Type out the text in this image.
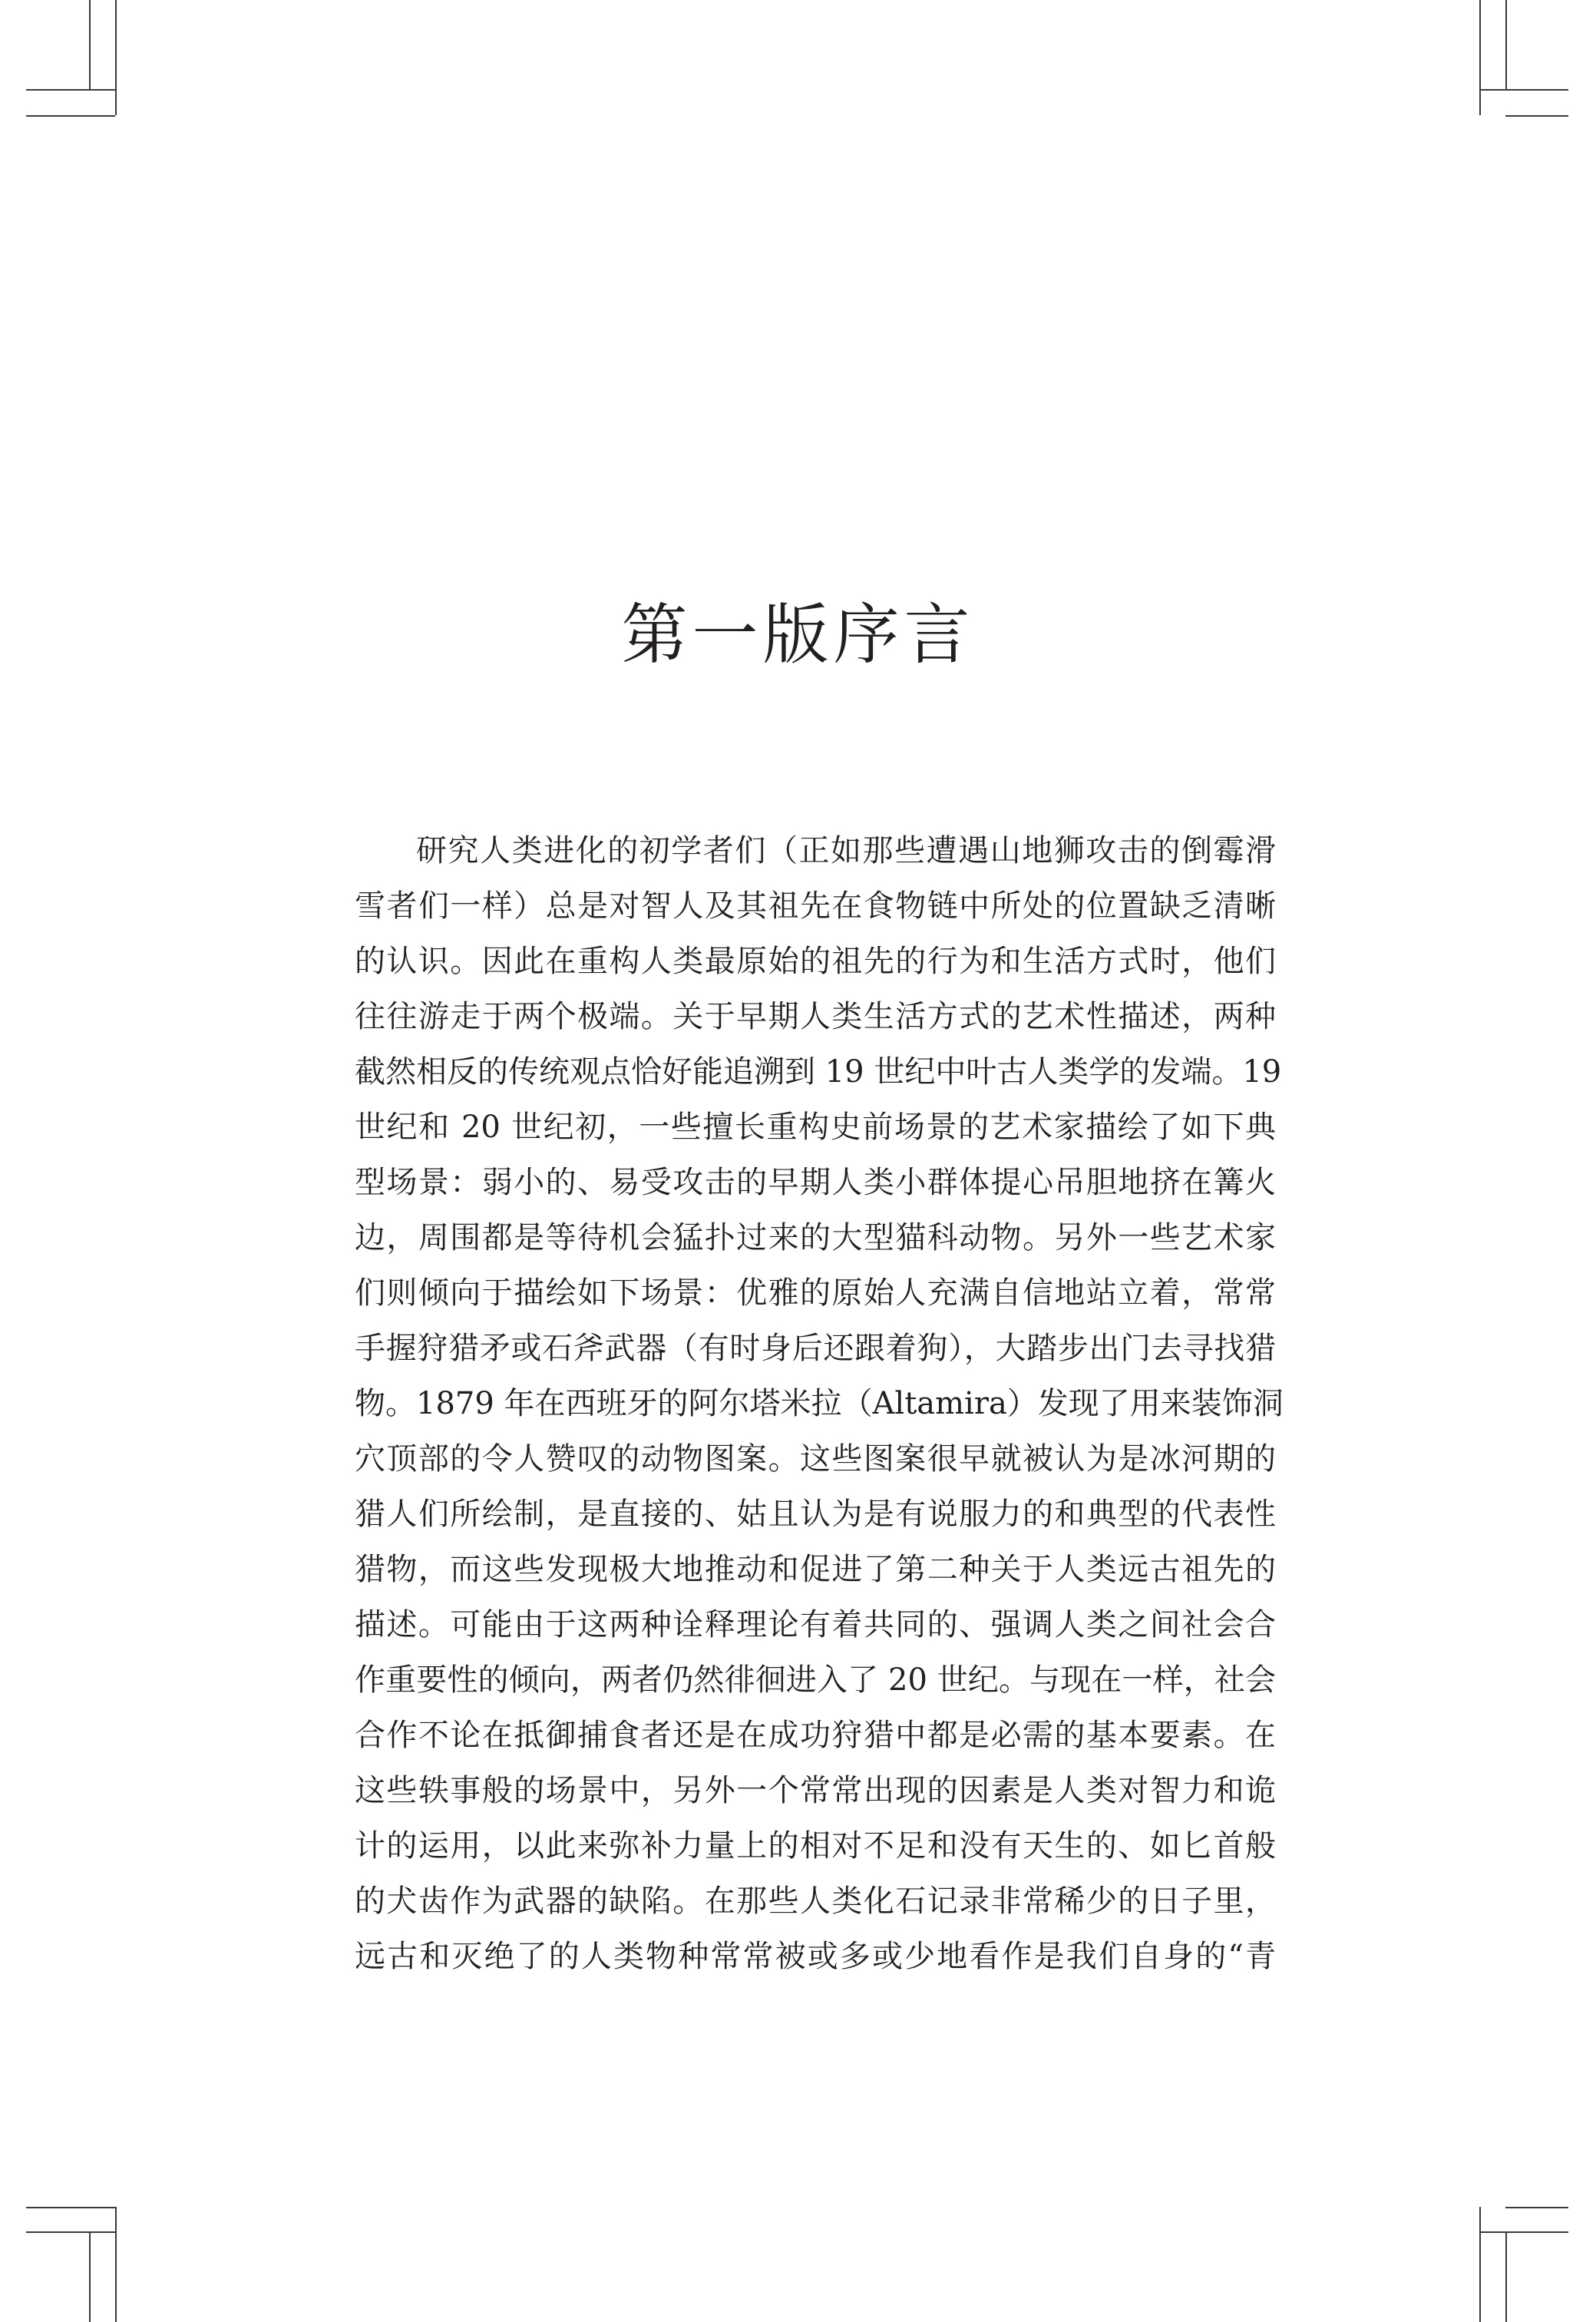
第一版序言
研究人类进化的初学者们（正如那些遭遇山地狮攻击的倒霉滑
雪者们一样）总是对智人及其祖先在食物链中所处的位置缺乏清晰
的认识。因此在重构人类最原始的祖先的行为和生活方式时，他们
往往游走于两个极端。关于早期人类生活方式的艺术性描述，两种
截然相反的传统观点恰好能追溯到 19 世纪中叶古人类学的发端。19
世纪和 20 世纪初，一些擅长重构史前场景的艺术家描绘了如下典
型场景：弱小的、易受攻击的早期人类小群体提心吊胆地挤在篝火
边，周围都是等待机会猛扑过来的大型猫科动物。另外一些艺术家
们则倾向于描绘如下场景：优雅的原始人充满自信地站立着，常常
手握狩猎矛或石斧武器（有时身后还跟着狗），大踏步出门去寻找猎
物。1879 年在西班牙的阿尔塔米拉（Altamira）发现了用来装饰洞
穴顶部的令人赞叹的动物图案。这些图案很早就被认为是冰河期的
猎人们所绘制，是直接的、姑且认为是有说服力的和典型的代表性
猎物，而这些发现极大地推动和促进了第二种关于人类远古祖先的
描述。可能由于这两种诠释理论有着共同的、强调人类之间社会合
作重要性的倾向，两者仍然徘徊进入了 20 世纪。与现在一样，社会
合作不论在抵御捕食者还是在成功狩猎中都是必需的基本要素。在
这些轶事般的场景中，另外一个常常出现的因素是人类对智力和诡
计的运用，以此来弥补力量上的相对不足和没有天生的、如匕首般
的犬齿作为武器的缺陷。在那些人类化石记录非常稀少的日子里，
远古和灭绝了的人类物种常常被或多或少地看作是我们自身的“青
